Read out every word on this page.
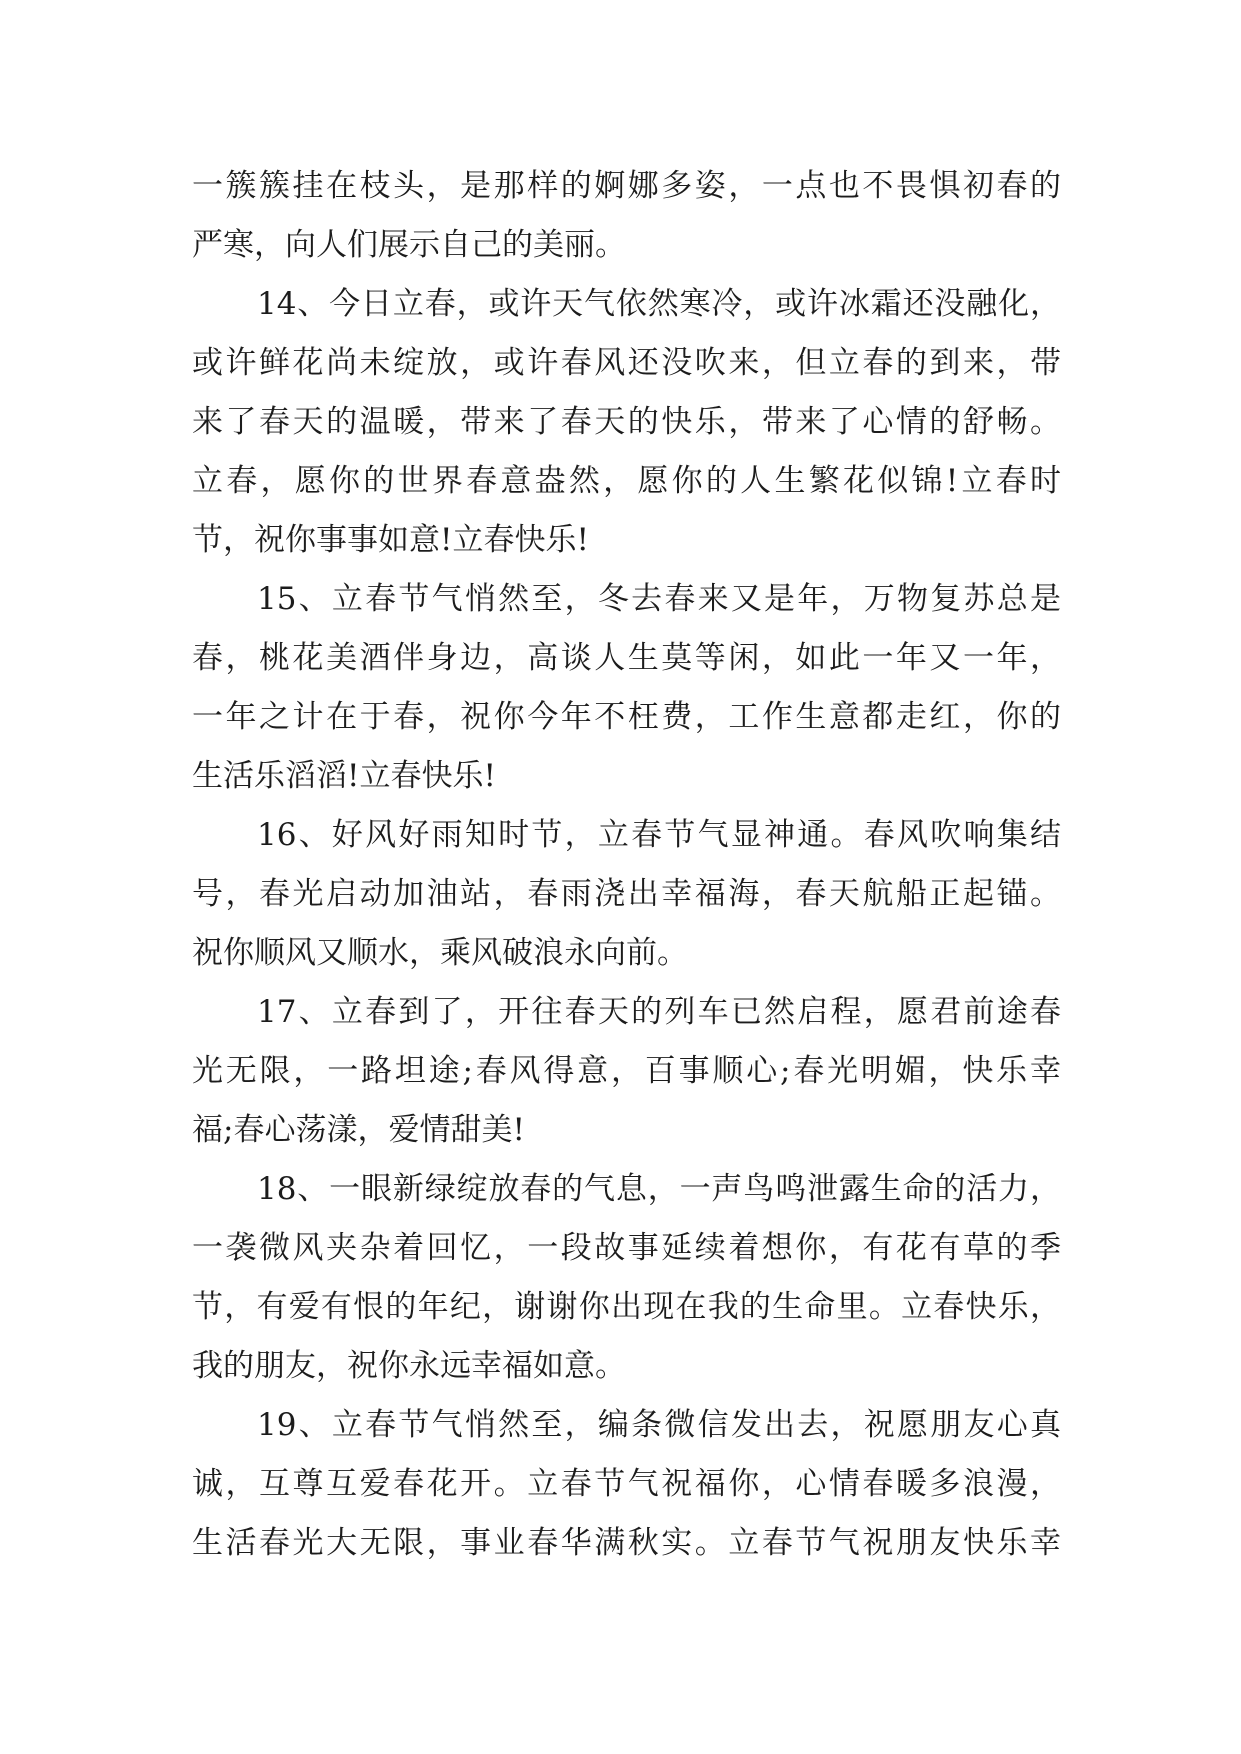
一簇簇挂在枝头，是那样的婀娜多姿，一点也不畏惧初春的
严寒，向人们展示自己的美丽。
14、今日立春，或许天气依然寒冷，或许冰霜还没融化，
或许鲜花尚未绽放，或许春风还没吹来，但立春的到来，带
来了春天的温暖，带来了春天的快乐，带来了心情的舒畅。
立春，愿你的世界春意盎然，愿你的人生繁花似锦!立春时
节，祝你事事如意!立春快乐!
15、立春节气悄然至，冬去春来又是年，万物复苏总是
春，桃花美酒伴身边，高谈人生莫等闲，如此一年又一年，
一年之计在于春，祝你今年不枉费，工作生意都走红，你的
生活乐滔滔!立春快乐!
16、好风好雨知时节，立春节气显神通。春风吹响集结
号，春光启动加油站，春雨浇出幸福海，春天航船正起锚。
祝你顺风又顺水，乘风破浪永向前。
17、立春到了，开往春天的列车已然启程，愿君前途春
光无限，一路坦途;春风得意，百事顺心;春光明媚，快乐幸
福;春心荡漾，爱情甜美!
18、一眼新绿绽放春的气息，一声鸟鸣泄露生命的活力，
一袭微风夹杂着回忆，一段故事延续着想你，有花有草的季
节，有爱有恨的年纪，谢谢你出现在我的生命里。立春快乐，
我的朋友，祝你永远幸福如意。
19、立春节气悄然至，编条微信发出去，祝愿朋友心真
诚，互尊互爱春花开。立春节气祝福你，心情春暖多浪漫，
生活春光大无限，事业春华满秋实。立春节气祝朋友快乐幸
